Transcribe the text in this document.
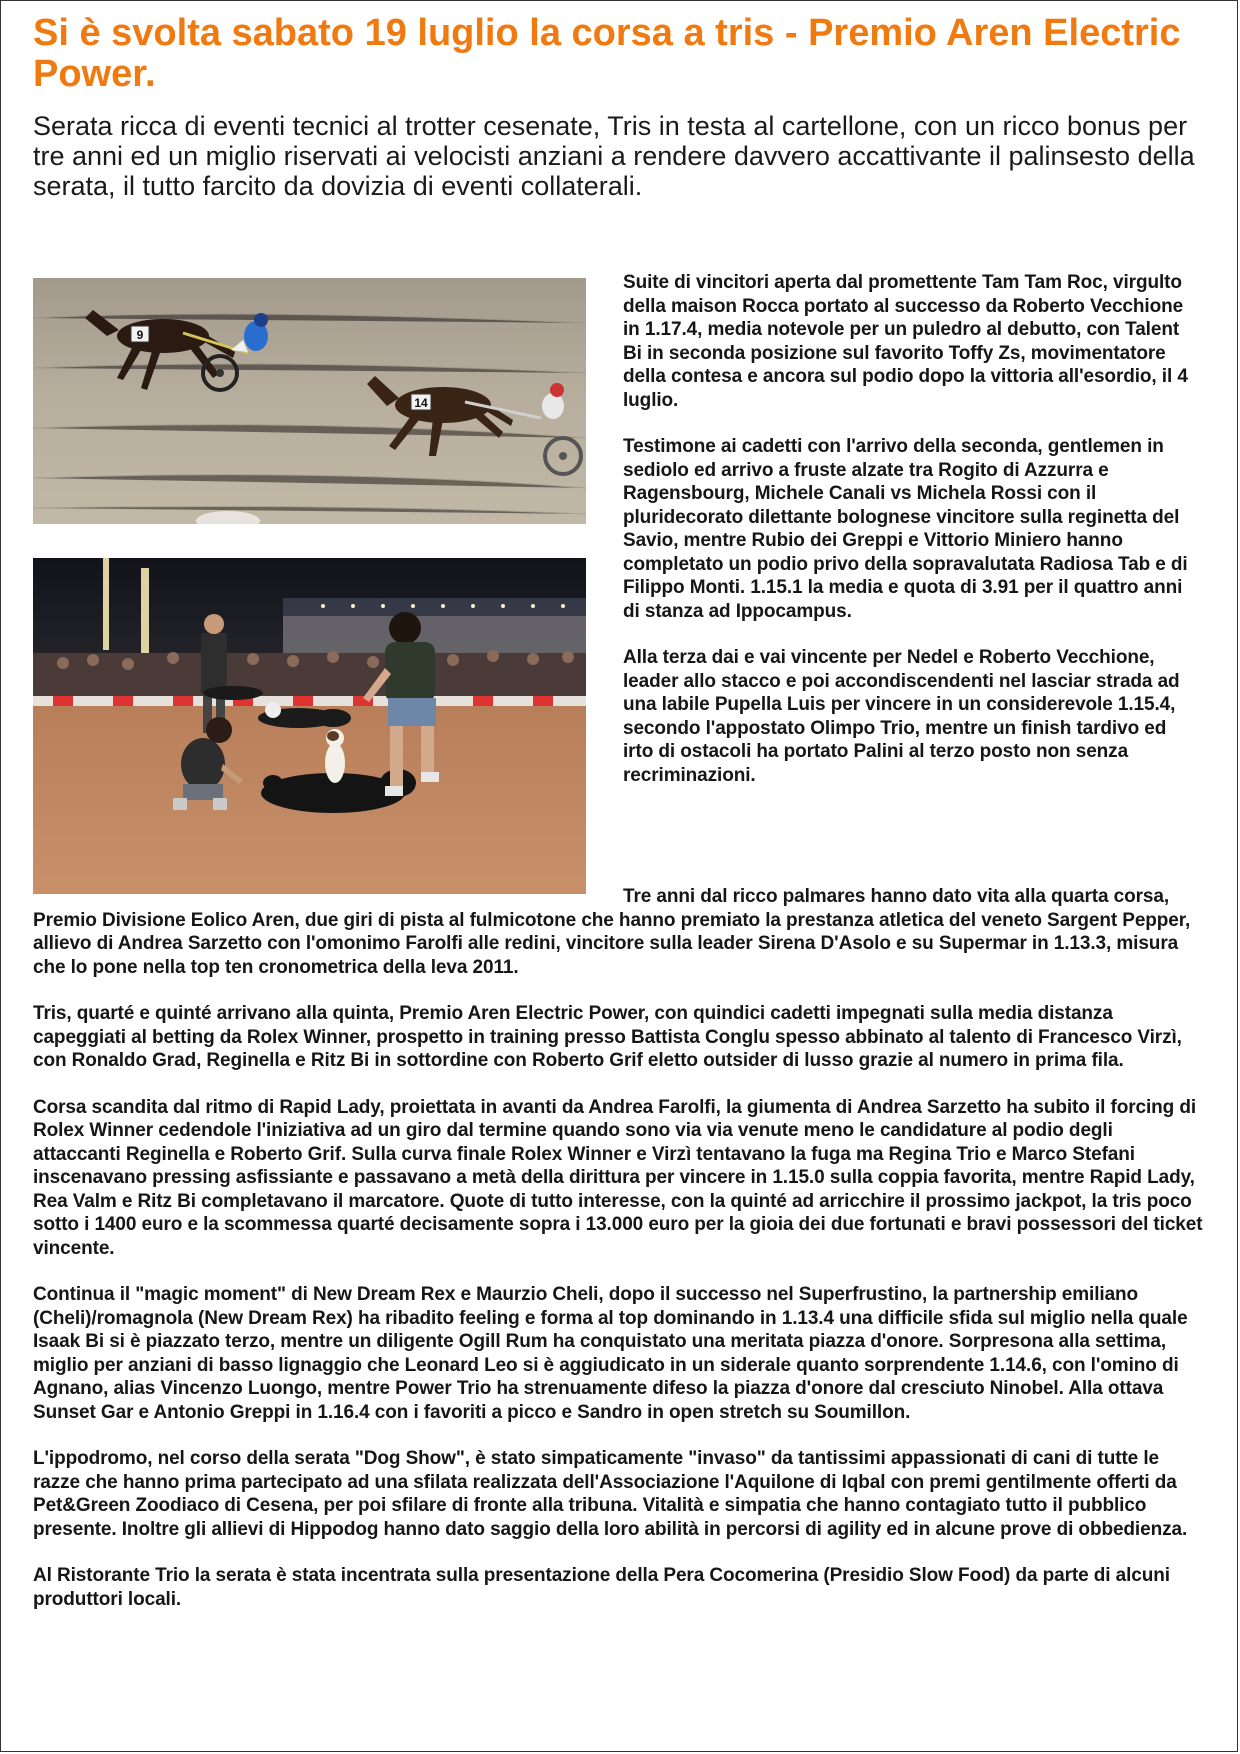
Si è svolta sabato 19 luglio la corsa a tris - Premio Aren Electric Power.

Serata ricca di eventi tecnici al trotter cesenate, Tris in testa al cartellone, con un ricco bonus per tre anni ed un miglio riservati ai velocisti anziani a rendere davvero accattivante il palinsesto della serata, il tutto farcito da dovizia di eventi collaterali.

9
14

Suite di vincitori aperta dal promettente Tam Tam Roc, virgulto della maison Rocca portato al successo da Roberto Vecchione in 1.17.4, media notevole per un puledro al debutto, con Talent Bi in seconda posizione sul favorito Toffy Zs, movimentatore della contesa e ancora sul podio dopo la vittoria all'esordio, il 4 luglio.

Testimone ai cadetti con l'arrivo della seconda, gentlemen in sediolo ed arrivo a fruste alzate tra Rogito di Azzurra e Ragensbourg, Michele Canali vs Michela Rossi con il pluridecorato dilettante bolognese vincitore sulla reginetta del Savio, mentre Rubio dei Greppi e Vittorio Miniero hanno completato un podio privo della sopravalutata Radiosa Tab e di Filippo Monti. 1.15.1 la media e quota di 3.91 per il quattro anni di stanza ad Ippocampus.

Alla terza dai e vai vincente per Nedel e Roberto Vecchione, leader allo stacco e poi accondiscendenti nel lasciar strada ad una labile Pupella Luis per vincere in un considerevole 1.15.4, secondo l'appostato Olimpo Trio, mentre un finish tardivo ed irto di ostacoli ha portato Palini al terzo posto non senza recriminazioni.

Tre anni dal ricco palmares hanno dato vita alla quarta corsa, Premio Divisione Eolico Aren, due giri di pista al fulmicotone che hanno premiato la prestanza atletica del veneto Sargent Pepper, allievo di Andrea Sarzetto con l'omonimo Farolfi alle redini, vincitore sulla leader Sirena D'Asolo e su Supermar in 1.13.3, misura che lo pone nella top ten cronometrica della leva 2011.

Tris, quarté e quinté arrivano alla quinta, Premio Aren Electric Power, con quindici cadetti impegnati sulla media distanza capeggiati al betting da Rolex Winner, prospetto in training presso Battista Conglu spesso abbinato al talento di Francesco Virzì, con Ronaldo Grad, Reginella e Ritz Bi in sottordine con Roberto Grif eletto outsider di lusso grazie al numero in prima fila.

Corsa scandita dal ritmo di Rapid Lady, proiettata in avanti da Andrea Farolfi, la giumenta di Andrea Sarzetto ha subito il forcing di Rolex Winner cedendole l'iniziativa ad un giro dal termine quando sono via via venute meno le candidature al podio degli attaccanti Reginella e Roberto Grif. Sulla curva finale Rolex Winner e Virzì tentavano la fuga ma Regina Trio e Marco Stefani inscenavano pressing asfissiante e passavano a metà della dirittura per vincere in 1.15.0 sulla coppia favorita, mentre Rapid Lady, Rea Valm e Ritz Bi completavano il marcatore. Quote di tutto interesse, con la quinté ad arricchire il prossimo jackpot, la tris poco sotto i 1400 euro e la scommessa quarté decisamente sopra i 13.000 euro per la gioia dei due fortunati e bravi possessori del ticket vincente.

Continua il "magic moment" di New Dream Rex e Maurzio Cheli, dopo il successo nel Superfrustino, la partnership emiliano (Cheli)/romagnola (New Dream Rex) ha ribadito feeling e forma al top dominando in 1.13.4 una difficile sfida sul miglio nella quale Isaak Bi si è piazzato terzo, mentre un diligente Ogill Rum ha conquistato una meritata piazza d'onore. Sorpresona alla settima, miglio per anziani di basso lignaggio che Leonard Leo si è aggiudicato in un siderale quanto sorprendente 1.14.6, con l'omino di Agnano, alias Vincenzo Luongo, mentre Power Trio ha strenuamente difeso la piazza d'onore dal cresciuto Ninobel. Alla ottava Sunset Gar e Antonio Greppi in 1.16.4 con i favoriti a picco e Sandro in open stretch su Soumillon.

L'ippodromo, nel corso della serata "Dog Show", è stato simpaticamente "invaso" da tantissimi appassionati di cani di tutte le razze che hanno prima partecipato ad una sfilata realizzata dell'Associazione l'Aquilone di Iqbal con premi gentilmente offerti da Pet&Green Zoodiaco di Cesena, per poi sfilare di fronte alla tribuna. Vitalità e simpatia che hanno contagiato tutto il pubblico presente. Inoltre gli allievi di Hippodog hanno dato saggio della loro abilità in percorsi di agility ed in alcune prove di obbedienza.

Al Ristorante Trio la serata è stata incentrata sulla presentazione della Pera Cocomerina (Presidio Slow Food) da parte di alcuni produttori locali.
